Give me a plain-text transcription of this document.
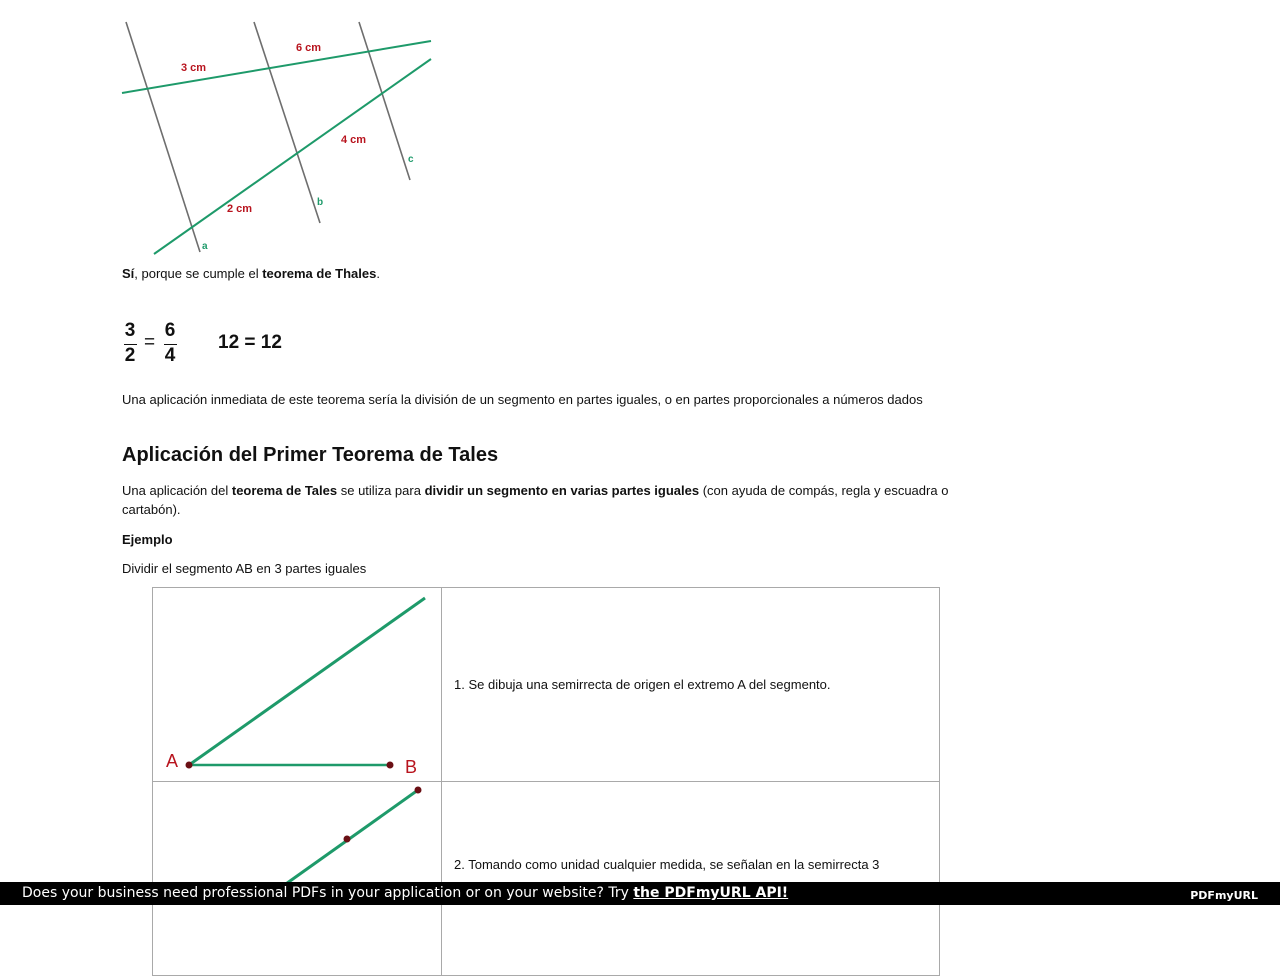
6 cm
3 cm
4 cm
2 cm
a
b
c
Sí, porque se cumple el teorema de Thales.
3
2
=
6
4
12 = 12
Una aplicación inmediata de este teorema sería la división de un segmento en partes iguales, o en partes proporcionales a números dados
Aplicación del Primer Teorema de Tales
Una aplicación del teorema de Tales se utiliza para dividir un segmento en varias partes iguales (con ayuda de compás, regla y escuadra o cartabón).
Ejemplo
Dividir el segmento AB en 3 partes iguales
A B	1. Se dibuja una semirrecta de origen el extremo A del segmento.

	2. Tomando como unidad cualquier medida, se señalan en la semirrecta 3
Does your business need professional PDFs in your application or on your website? Try the PDFmyURL API!	PDFmyURL
